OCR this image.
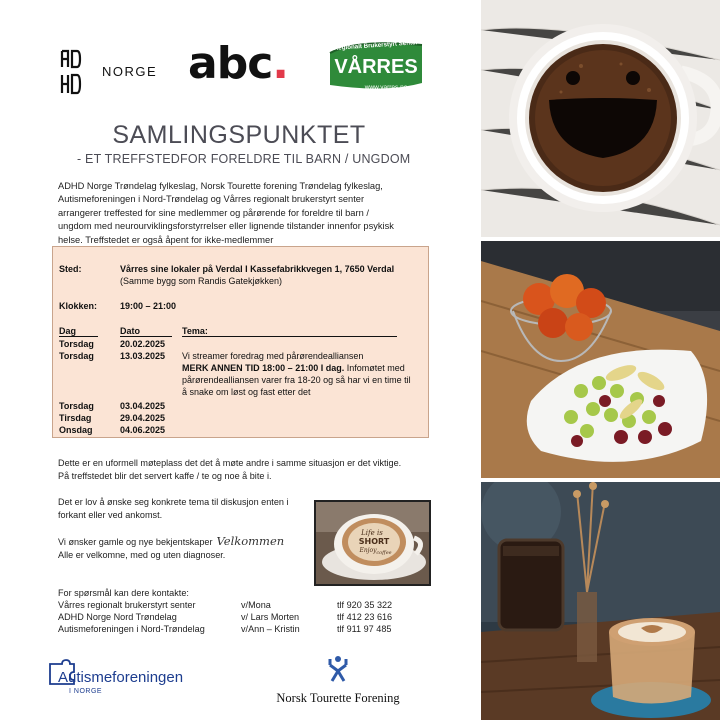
NORGE abc.	Regionalt Brukerstyrt Senter
VÅRRES
www.varres.no
SAMLINGSPUNKTET
- ET TREFFSTEDFOR FORELDRE TIL BARN / UNGDOM
ADHD Norge Trøndelag fylkeslag, Norsk Tourette forening Trøndelag fylkeslag,
Autismeforeningen i Nord-Trøndelag og Vårres regionalt brukerstyrt senter
arrangerer treffested for sine medlemmer og pårørende for foreldre til barn /
ungdom med neurourviklingsforstyrrelser eller lignende tilstander innenfor psykisk
helse. Treffstedet er også åpent for ikke-medlemmer
Sted:	Vårres sine lokaler på Verdal I Kassefabrikkvegen 1, 7650 Verdal
(Samme bygg som Randis Gatekjøkken)
Klokken:	19:00 – 21:00
Dag	Dato	Tema:
Torsdag	20.02.2025
Torsdag	13.03.2025 Vi streamer foredrag med pårørendealliansen
MERK ANNEN TID 18:00 – 21:00 I dag. Infomøtet med
pårørendealliansen varer fra 18-20 og så har vi en time til
å snake om løst og fast etter det
Torsdag	03.04.2025
Tirsdag	29.04.2025
Onsdag	04.06.2025
Dette er en uformell møteplass det det å møte andre i samme situasjon er det viktige.
På treffstedet blir det servert kaffe / te og noe å bite i.
Det er lov å ønske seg konkrete tema til diskusjon enten i
forkant eller ved ankomst.
Vi ønsker gamle og nye bekjentskaper Velkommen
Alle er velkomne, med og uten diagnoser.
Life is
SHORT
Enjoy coffee
For spørsmål kan dere kontakte:
Vårres regionalt brukerstyrt senter	v/Mona	tlf 920 35 322
ADHD Norge Nord Trøndelag	v/ Lars Morten	tlf 412 23 616
Autismeforeningen i Nord-Trøndelag	v/Ann – Kristin	tlf 911 97 485
Autismeforeningen
I NORGE	Norsk Tourette Forening
